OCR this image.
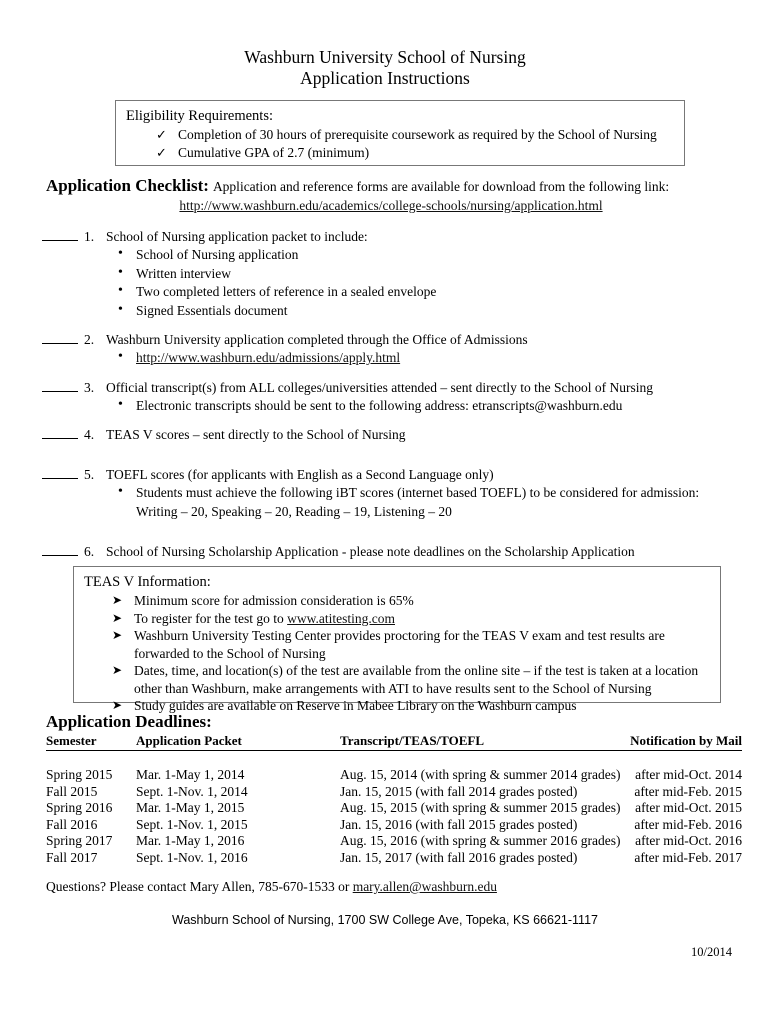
Washburn University School of Nursing
Application Instructions
Eligibility Requirements:
✓ Completion of 30 hours of prerequisite coursework as required by the School of Nursing
✓ Cumulative GPA of 2.7 (minimum)
Application Checklist: Application and reference forms are available for download from the following link:
http://www.washburn.edu/academics/college-schools/nursing/application.html
1. School of Nursing application packet to include:
• School of Nursing application
• Written interview
• Two completed letters of reference in a sealed envelope
• Signed Essentials document
2. Washburn University application completed through the Office of Admissions
• http://www.washburn.edu/admissions/apply.html
3. Official transcript(s) from ALL colleges/universities attended – sent directly to the School of Nursing
• Electronic transcripts should be sent to the following address: etranscripts@washburn.edu
4. TEAS V scores – sent directly to the School of Nursing
5. TOEFL scores (for applicants with English as a Second Language only)
• Students must achieve the following iBT scores (internet based TOEFL) to be considered for admission:
Writing – 20, Speaking – 20, Reading – 19, Listening – 20
6. School of Nursing Scholarship Application - please note deadlines on the Scholarship Application
TEAS V Information:
➤ Minimum score for admission consideration is 65%
➤ To register for the test go to www.atitesting.com
➤ Washburn University Testing Center provides proctoring for the TEAS V exam and test results are
forwarded to the School of Nursing
➤ Dates, time, and location(s) of the test are available from the online site – if the test is taken at a location
other than Washburn, make arrangements with ATI to have results sent to the School of Nursing
➤ Study guides are available on Reserve in Mabee Library on the Washburn campus
Application Deadlines:
Semester	Application Packet	Transcript/TEAS/TOEFL	Notification by Mail

Spring 2015	Mar. 1-May 1, 2014	Aug. 15, 2014 (with spring & summer 2014 grades)	after mid-Oct. 2014
Fall 2015	Sept. 1-Nov. 1, 2014	Jan. 15, 2015 (with fall 2014 grades posted)	after mid-Feb. 2015
Spring 2016	Mar. 1-May 1, 2015	Aug. 15, 2015 (with spring & summer 2015 grades)	after mid-Oct. 2015
Fall 2016	Sept. 1-Nov. 1, 2015	Jan. 15, 2016 (with fall 2015 grades posted)	after mid-Feb. 2016
Spring 2017	Mar. 1-May 1, 2016	Aug. 15, 2016 (with spring & summer 2016 grades)	after mid-Oct. 2016
Fall 2017	Sept. 1-Nov. 1, 2016	Jan. 15, 2017 (with fall 2016 grades posted)	after mid-Feb. 2017
Questions? Please contact Mary Allen, 785-670-1533 or mary.allen@washburn.edu
Washburn School of Nursing, 1700 SW College Ave, Topeka, KS 66621-1117
10/2014
